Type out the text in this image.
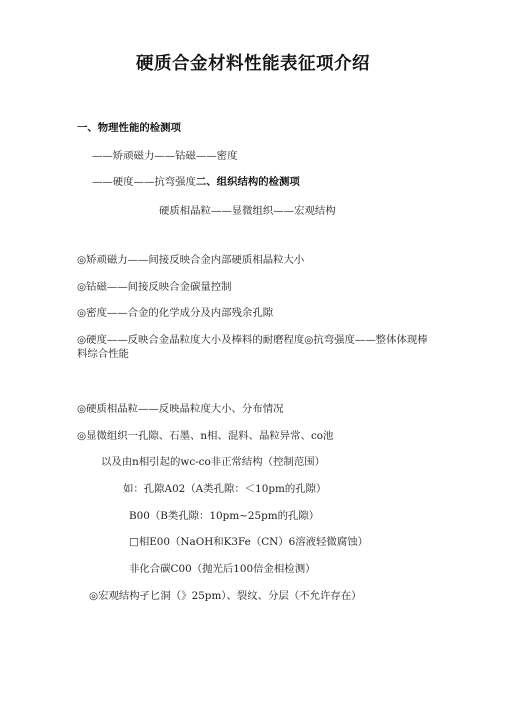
硬质合金材料性能表征项介绍
一、物理性能的检测项
——矫顽磁力——钴磁——密度
——硬度——抗弯强度二、组织结构的检测项
硬质相晶粒——显微组织——宏观结构
◎矫顽磁力——间接反映合金内部硬质相晶粒大小
◎钴磁——间接反映合金碳量控制
◎密度——合金的化学成分及内部残余孔隙
◎硬度——反映合金晶粒度大小及棒料的耐磨程度◎抗弯强度——整体体现棒料综合性能
◎硬质相晶粒——反映晶粒度大小、分布情况
◎显微组织一孔隙、石墨、n相、混料、晶粒异常、co池
以及由n相引起的wc-co非正常结构（控制范围）
如：孔隙A02（A类孔隙：＜10pm的孔隙）
B00（B类孔隙：10pm~25pm的孔隙）
□相E00（NaOH和K3Fe（CN）6溶液轻微腐蚀）
非化合碳C00（抛光后100倍金相检测）
◎宏观结构孑匕洞（》25pm）、裂纹、分层（不允许存在）
